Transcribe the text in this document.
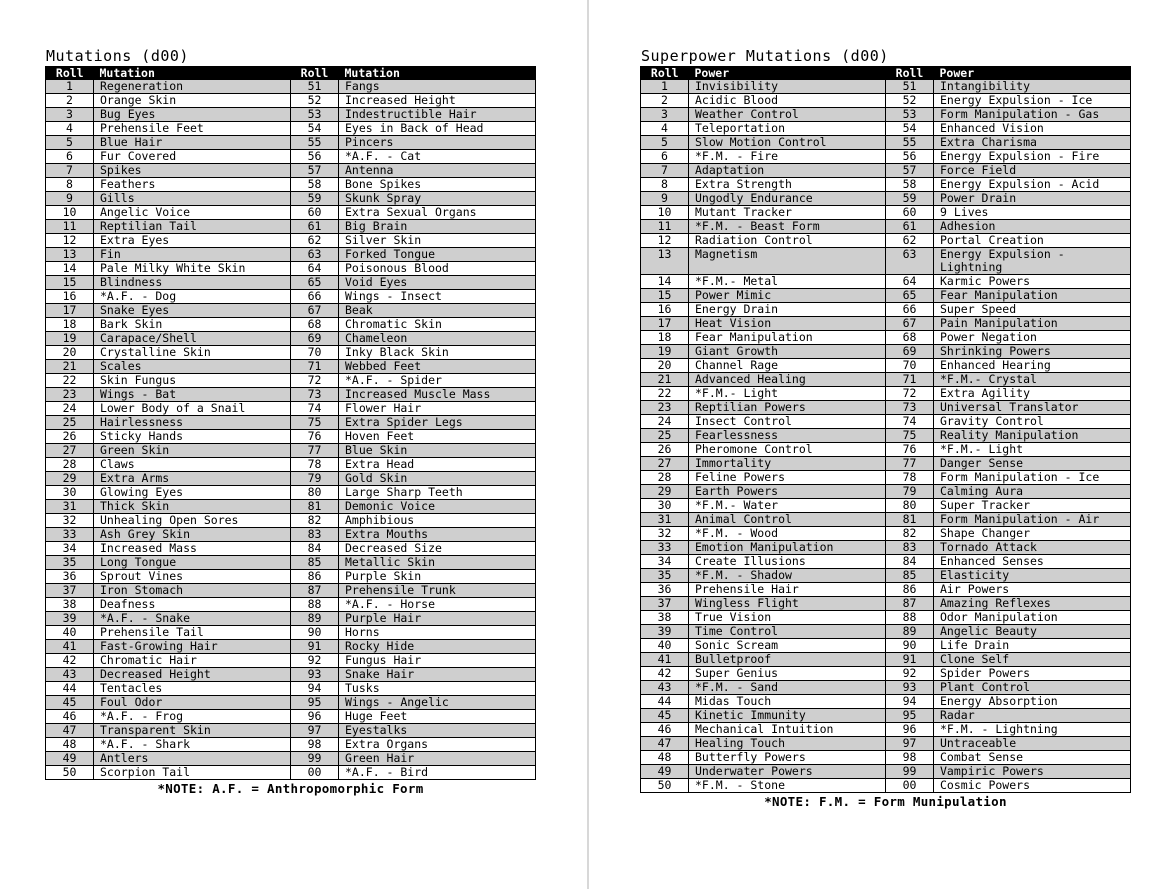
Mutations (d00)
Roll	Mutation	Roll	Mutation
1	Regeneration	51	Fangs
2	Orange Skin	52	Increased Height
3	Bug Eyes	53	Indestructible Hair
4	Prehensile Feet	54	Eyes in Back of Head
5	Blue Hair	55	Pincers
6	Fur Covered	56	*A.F. - Cat
7	Spikes	57	Antenna
8	Feathers	58	Bone Spikes
9	Gills	59	Skunk Spray
10	Angelic Voice	60	Extra Sexual Organs
11	Reptilian Tail	61	Big Brain
12	Extra Eyes	62	Silver Skin
13	Fin	63	Forked Tongue
14	Pale Milky White Skin	64	Poisonous Blood
15	Blindness	65	Void Eyes
16	*A.F. - Dog	66	Wings - Insect
17	Snake Eyes	67	Beak
18	Bark Skin	68	Chromatic Skin
19	Carapace/Shell	69	Chameleon
20	Crystalline Skin	70	Inky Black Skin
21	Scales	71	Webbed Feet
22	Skin Fungus	72	*A.F. - Spider
23	Wings - Bat	73	Increased Muscle Mass
24	Lower Body of a Snail	74	Flower Hair
25	Hairlessness	75	Extra Spider Legs
26	Sticky Hands	76	Hoven Feet
27	Green Skin	77	Blue Skin
28	Claws	78	Extra Head
29	Extra Arms	79	Gold Skin
30	Glowing Eyes	80	Large Sharp Teeth
31	Thick Skin	81	Demonic Voice
32	Unhealing Open Sores	82	Amphibious
33	Ash Grey Skin	83	Extra Mouths
34	Increased Mass	84	Decreased Size
35	Long Tongue	85	Metallic Skin
36	Sprout Vines	86	Purple Skin
37	Iron Stomach	87	Prehensile Trunk
38	Deafness	88	*A.F. - Horse
39	*A.F. - Snake	89	Purple Hair
40	Prehensile Tail	90	Horns
41	Fast-Growing Hair	91	Rocky Hide
42	Chromatic Hair	92	Fungus Hair
43	Decreased Height	93	Snake Hair
44	Tentacles	94	Tusks
45	Foul Odor	95	Wings - Angelic
46	*A.F. - Frog	96	Huge Feet
47	Transparent Skin	97	Eyestalks
48	*A.F. - Shark	98	Extra Organs
49	Antlers	99	Green Hair
50	Scorpion Tail	00	*A.F. - Bird
*NOTE: A.F. = Anthropomorphic Form
Superpower Mutations (d00)
Roll	Power	Roll	Power
1	Invisibility	51	Intangibility
2	Acidic Blood	52	Energy Expulsion - Ice
3	Weather Control	53	Form Manipulation - Gas
4	Teleportation	54	Enhanced Vision
5	Slow Motion Control	55	Extra Charisma
6	*F.M. - Fire	56	Energy Expulsion - Fire
7	Adaptation	57	Force Field
8	Extra Strength	58	Energy Expulsion - Acid
9	Ungodly Endurance	59	Power Drain
10	Mutant Tracker	60	9 Lives
11	*F.M. - Beast Form	61	Adhesion
12	Radiation Control	62	Portal Creation
13	Magnetism	63	Energy Expulsion - Lightning
14	*F.M.- Metal	64	Karmic Powers
15	Power Mimic	65	Fear Manipulation
16	Energy Drain	66	Super Speed
17	Heat Vision	67	Pain Manipulation
18	Fear Manipulation	68	Power Negation
19	Giant Growth	69	Shrinking Powers
20	Channel Rage	70	Enhanced Hearing
21	Advanced Healing	71	*F.M.- Crystal
22	*F.M.- Light	72	Extra Agility
23	Reptilian Powers	73	Universal Translator
24	Insect Control	74	Gravity Control
25	Fearlessness	75	Reality Manipulation
26	Pheromone Control	76	*F.M.- Light
27	Immortality	77	Danger Sense
28	Feline Powers	78	Form Manipulation - Ice
29	Earth Powers	79	Calming Aura
30	*F.M.- Water	80	Super Tracker
31	Animal Control	81	Form Manipulation - Air
32	*F.M. - Wood	82	Shape Changer
33	Emotion Manipulation	83	Tornado Attack
34	Create Illusions	84	Enhanced Senses
35	*F.M. - Shadow	85	Elasticity
36	Prehensile Hair	86	Air Powers
37	Wingless Flight	87	Amazing Reflexes
38	True Vision	88	Odor Manipulation
39	Time Control	89	Angelic Beauty
40	Sonic Scream	90	Life Drain
41	Bulletproof	91	Clone Self
42	Super Genius	92	Spider Powers
43	*F.M. - Sand	93	Plant Control
44	Midas Touch	94	Energy Absorption
45	Kinetic Immunity	95	Radar
46	Mechanical Intuition	96	*F.M. - Lightning
47	Healing Touch	97	Untraceable
48	Butterfly Powers	98	Combat Sense
49	Underwater Powers	99	Vampiric Powers
50	*F.M. - Stone	00	Cosmic Powers
*NOTE: F.M. = Form Munipulation
